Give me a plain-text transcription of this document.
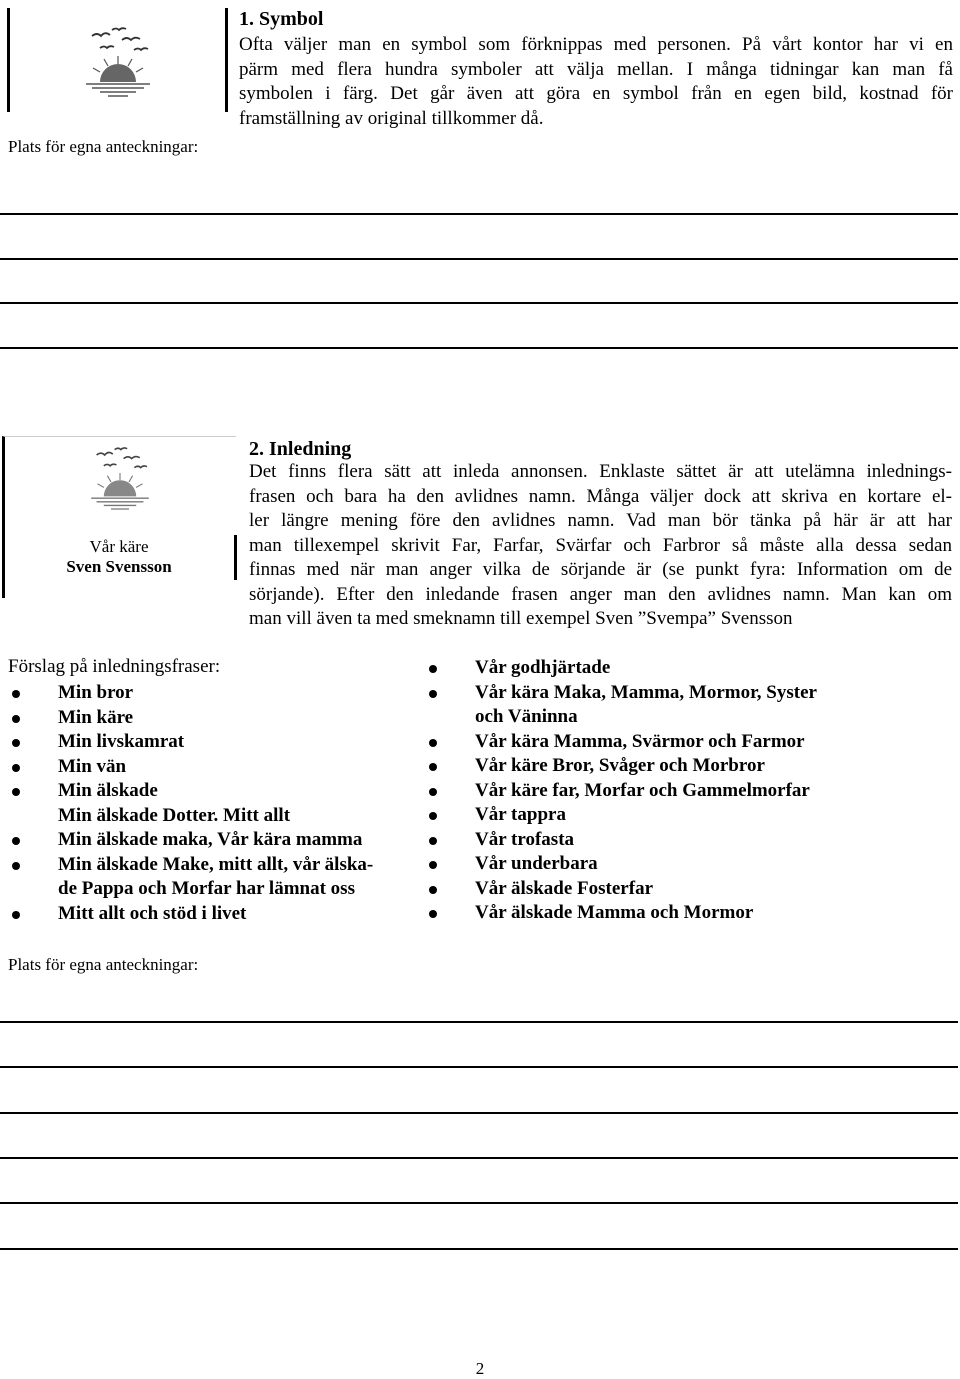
Plats för egna anteckningar:
1. Symbol
Ofta väljer man en symbol som förknippas med personen. På vårt kontor har vi en
pärm med flera hundra symboler att välja mellan. I många tidningar kan man få
symbolen i färg. Det går även att göra en symbol från en egen bild, kostnad för
framställning av original tillkommer då.
Vår käre
Sven Svensson
2. Inledning
Det finns flera sätt att inleda annonsen. Enklaste sättet är att utelämna inlednings-
frasen och bara ha den avlidnes namn. Många väljer dock att skriva en kortare el-
ler längre mening före den avlidnes namn. Vad man bör tänka på här är att har
man tillexempel skrivit Far, Farfar, Svärfar och Farbror så måste alla dessa sedan
finnas med när man anger vilka de sörjande är (se punkt fyra: Information om de
sörjande). Efter den inledande frasen anger man den avlidnes namn. Man kan om
man vill även ta med smeknamn till exempel Sven ”Svempa” Svensson
Förslag på inledningsfraser:
Min bror
Min käre
Min livskamrat
Min vän
Min älskade
Min älskade Dotter. Mitt allt
Min älskade maka, Vår kära mamma
Min älskade Make, mitt allt, vår älska-
de Pappa och Morfar har lämnat oss
Mitt allt och stöd i livet
Vår godhjärtade
Vår kära Maka, Mamma, Mormor, Syster
och Väninna
Vår kära Mamma, Svärmor och Farmor
Vår käre Bror, Svåger och Morbror
Vår käre far, Morfar och Gammelmorfar
Vår tappra
Vår trofasta
Vår underbara
Vår älskade Fosterfar
Vår älskade Mamma och Mormor
Plats för egna anteckningar:
2
